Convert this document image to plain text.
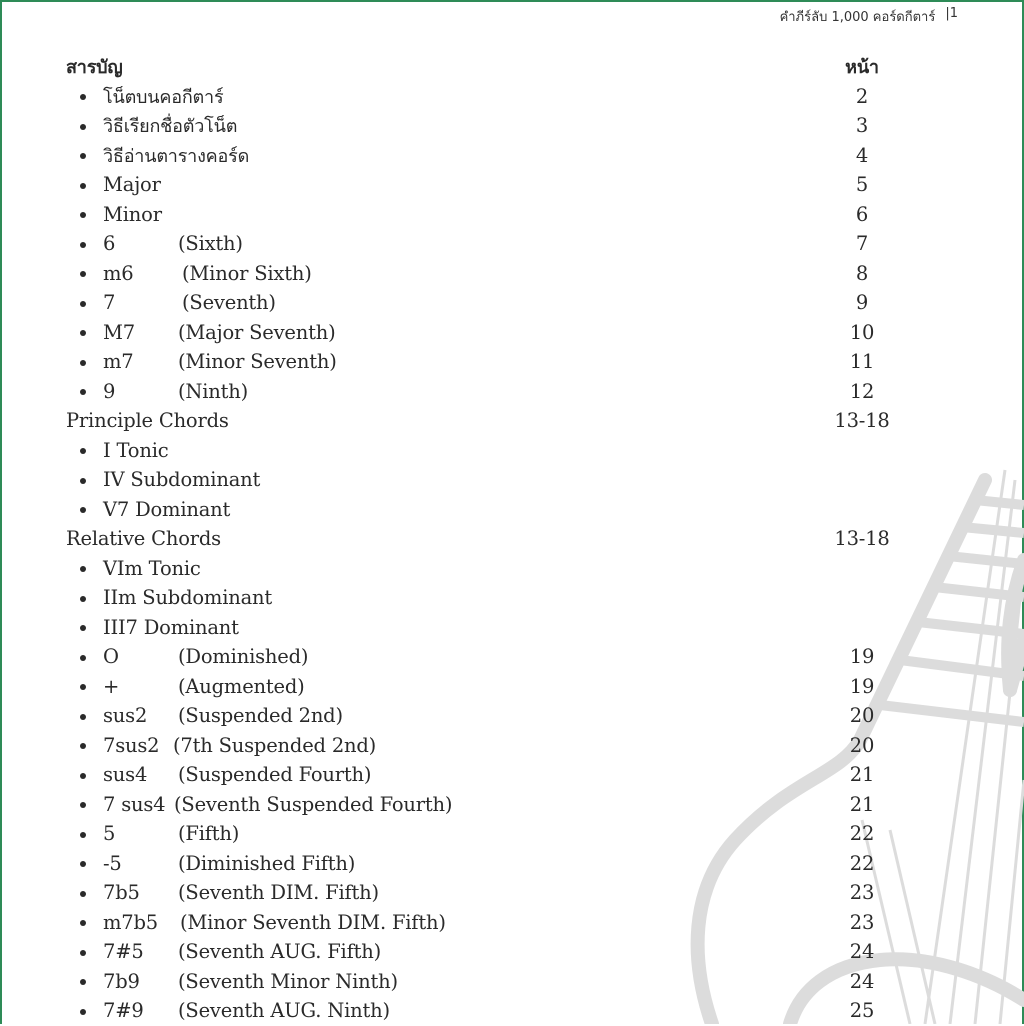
คำภีร์ลับ 1,000 คอร์ดกีตาร์ |1
สารบัญ	หน้า
โน็ตบนคอกีตาร์	2
วิธีเรียกชื่อตัวโน็ต	3
วิธีอ่านตารางคอร์ด	4
Major	5
Minor	6
6	(Sixth)	7
m6 (Minor Sixth)	8
7	(Seventh)	9
M7 (Major Seventh)	10
m7 (Minor Seventh)	11
9	(Ninth)	12
Principle Chords	13-18
I Tonic
IV Subdominant
V7 Dominant
Relative Chords	13-18
VIm Tonic
IIm Subdominant
III7 Dominant
O	(Dominished)	19
+	(Augmented)	19
sus2 (Suspended 2nd)	20
7sus2 (7th Suspended 2nd)	20
sus4 (Suspended Fourth)	21
7 sus4 (Seventh Suspended Fourth)	21
5	(Fifth)	22
-5	(Diminished Fifth)	22
7b5 (Seventh DIM. Fifth)	23
m7b5 (Minor Seventh DIM. Fifth)	23
7#5 (Seventh AUG. Fifth)	24
7b9 (Seventh Minor Ninth)	24
7#9 (Seventh AUG. Ninth)	25
